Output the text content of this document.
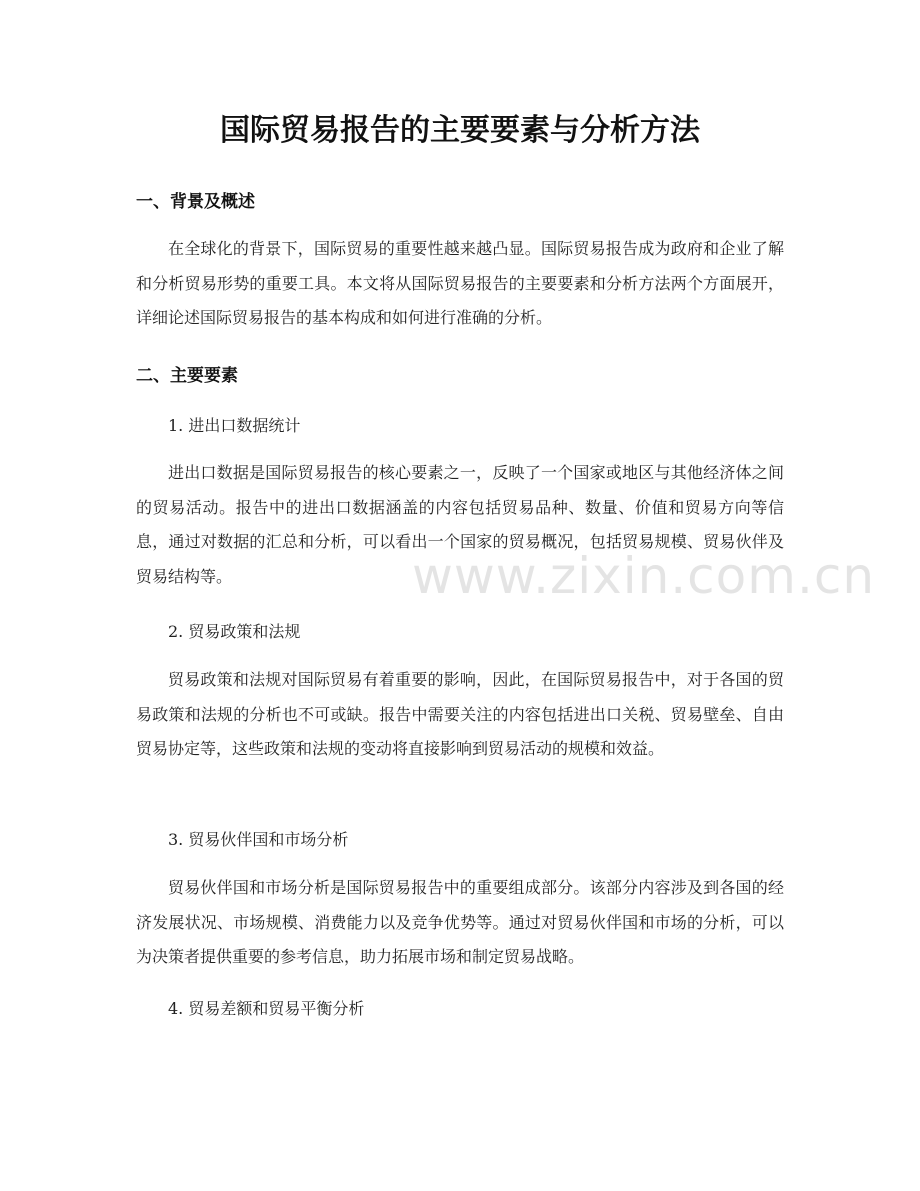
国际贸易报告的主要要素与分析方法
一、背景及概述
在全球化的背景下，国际贸易的重要性越来越凸显。国际贸易报告成为政府和企业了解和分析贸易形势的重要工具。本文将从国际贸易报告的主要要素和分析方法两个方面展开，详细论述国际贸易报告的基本构成和如何进行准确的分析。
二、主要要素
1. 进出口数据统计
进出口数据是国际贸易报告的核心要素之一，反映了一个国家或地区与其他经济体之间的贸易活动。报告中的进出口数据涵盖的内容包括贸易品种、数量、价值和贸易方向等信息，通过对数据的汇总和分析，可以看出一个国家的贸易概况，包括贸易规模、贸易伙伴及贸易结构等。
2. 贸易政策和法规
贸易政策和法规对国际贸易有着重要的影响，因此，在国际贸易报告中，对于各国的贸易政策和法规的分析也不可或缺。报告中需要关注的内容包括进出口关税、贸易壁垒、自由贸易协定等，这些政策和法规的变动将直接影响到贸易活动的规模和效益。
3. 贸易伙伴国和市场分析
贸易伙伴国和市场分析是国际贸易报告中的重要组成部分。该部分内容涉及到各国的经济发展状况、市场规模、消费能力以及竞争优势等。通过对贸易伙伴国和市场的分析，可以为决策者提供重要的参考信息，助力拓展市场和制定贸易战略。
4. 贸易差额和贸易平衡分析
www.zixin.com.cn
